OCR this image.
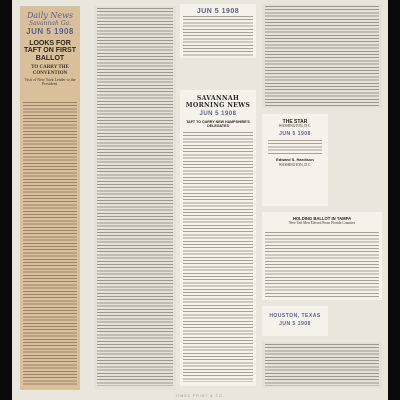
Daily News
Savannah Ga.
JUN 5 1908
LOOKS FOR TAFT ON FIRST BALLOT
TO CARRY THE CONVENTION
Visit of New York Leader to the President.
JUN 5 1908
SAVANNAH MORNING NEWS
JUN 5 1908
TAFT TO CARRY NEW HAMPSHIRE'S DELEGATES
THE STAR
WASHINGTON, D.C.
JUN 5 1908
Edward S. Hardison
WASHINGTON, D.C.
HOLDING BALLOT IN TAMPA
New Taft Men Elected From Florida Counties
HOUSTON, TEXAS
JUN 5 1908
TIMES PRINT & CO.
